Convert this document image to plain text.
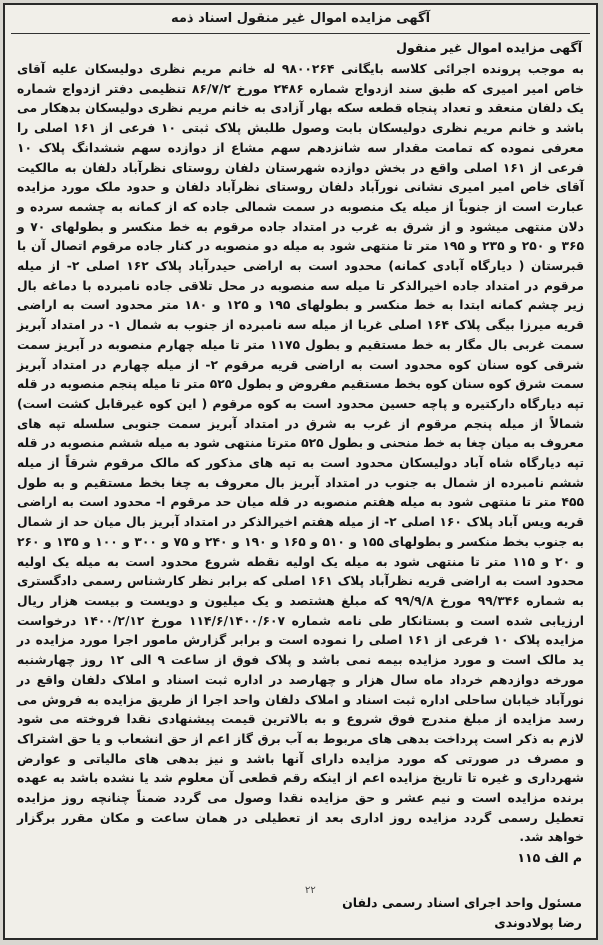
آگهی مزایده اموال غیر منقول اسناد ذمه
آگهی مزایده اموال غیر منقول
به موجب پرونده اجرائی کلاسه بایگانی ۹۸۰۰۲۶۴ له خانم مریم نظری دولیسکان علیه آقای خاص امیر امیری که طبق سند ازدواج شماره ۲۴۸۶ مورخ ۸۶/۷/۲ تنظیمی دفتر ازدواج شماره یک دلفان منعقد و تعداد پنجاه قطعه سکه بهار آزادی به خانم مریم نظری دولیسکان بدهکار می باشد و خانم مریم نظری دولیسکان بابت وصول طلبش پلاک ثبتی ۱۰ فرعی از ۱۶۱ اصلی را معرفی نموده که تمامت مقدار سه شانزدهم سهم مشاع از دوازده سهم ششدانگ پلاک ۱۰ فرعی از ۱۶۱ اصلی واقع در بخش دوازده شهرستان دلفان روستای نظرآباد دلفان به مالکیت آقای خاص امیر امیری نشانی نورآباد دلفان روستای نظرآباد دلفان و حدود ملک مورد مزایده عبارت است از جنوباً از میله یک منصوبه در سمت شمالی جاده که از کمانه به چشمه سرده و دلان منتهی میشود و از شرق به غرب در امتداد جاده مرقوم به خط منکسر و بطولهای ۷۰ و ۳۶۵ و ۲۵۰ و ۲۳۵ و ۱۹۵ متر تا منتهی شود به میله دو منصوبه در کنار جاده مرقوم اتصال آن با قبرستان ( دیارگاه آبادی کمانه) محدود است به اراضی حیدرآباد پلاک ۱۶۲ اصلی ۲- از میله مرقوم در امتداد جاده اخیرالذکر تا میله سه منصوبه در محل تلاقی جاده نامبرده با دماغه بال زیر چشم کمانه ابتدا به خط منکسر و بطولهای ۱۹۵ و ۱۲۵ و ۱۸۰ متر محدود است به اراضی قریه میرزا بیگی پلاک ۱۶۴ اصلی غربا از میله سه نامبرده از جنوب به شمال ۱- در امتداد آبریز سمت غربی بال مگار به خط مستقیم و بطول ۱۱۷۵ متر تا میله چهارم منصوبه در آبریز سمت شرقی کوه سنان کوه محدود است به اراضی قریه مرقوم ۲- از میله چهارم در امتداد آبریز سمت شرق کوه سنان کوه بخط مستقیم مفروض و بطول ۵۲۵ متر تا میله پنجم منصوبه در قله تپه دیارگاه دارکتیره و پاچه حسین محدود است به کوه مرقوم ( این کوه غیرقابل کشت است) شمالاً از میله پنجم مرقوم از غرب به شرق در امتداد آبریز سمت جنوبی سلسله تپه های معروف به میان چغا به خط منحنی و بطول ۵۲۵ مترتا منتهی شود به میله ششم منصوبه در قله تپه دیارگاه شاه آباد دولیسکان محدود است به تپه های مذکور که مالک مرقوم شرقاً از میله ششم نامبرده از شمال به جنوب در امتداد آبریز بال معروف به چغا بخط مستقیم و به طول ۴۵۵ متر تا منتهی شود به میله هفتم منصوبه در قله میان حد مرقوم ا- محدود است به اراضی قریه ویس آباد پلاک ۱۶۰ اصلی ۲- از میله هفتم اخیرالذکر در امتداد آبریز بال میان حد از شمال به جنوب بخط منکسر و بطولهای ۱۵۵ و ۵۱۰ و ۱۶۵ و ۱۹۰ و ۲۴۰ و ۷۵ و ۳۰۰ و ۱۰۰ و ۱۳۵ و ۲۶۰ و ۲۰ و ۱۱۵ متر تا منتهی شود به میله یک اولیه نقطه شروع محدود است به میله یک اولیه محدود است به اراضی قریه نظرآباد پلاک ۱۶۱ اصلی که برابر نظر کارشناس رسمی دادگستری به شماره ۹۹/۳۴۶ مورخ ۹۹/۹/۸ که مبلغ هشتصد و یک میلیون و دویست و بیست هزار ریال ارزیابی شده است و بستانکار طی نامه شماره ۱۱۴/۶/۱۴۰۰/۶۰۷ مورخ ۱۴۰۰/۲/۱۲ درخواست مزایده پلاک ۱۰ فرعی از ۱۶۱ اصلی را نموده است و برابر گزارش مامور اجرا مورد مزایده در ید مالک است و مورد مزایده بیمه نمی باشد و پلاک فوق از ساعت ۹ الی ۱۲ روز چهارشنبه مورخه دوازدهم خرداد ماه سال هزار و چهارصد در اداره ثبت اسناد و املاک دلفان واقع در نورآباد خیابان ساحلی اداره ثبت اسناد و املاک دلفان واحد اجرا از طریق مزایده به فروش می رسد مزایده از مبلغ مندرج فوق شروع و به بالاترین قیمت پیشنهادی نقدا فروخته می شود لازم به ذکر است پرداخت بدهی های مربوط به آب برق گاز اعم از حق انشعاب و یا حق اشتراک و مصرف در صورتی که مورد مزایده دارای آنها باشد و نیز بدهی های مالیاتی و عوارض شهرداری و غیره تا تاریخ مزایده اعم از اینکه رقم قطعی آن معلوم شد یا نشده باشد به عهده برنده مزایده است و نیم عشر و حق مزایده نقدا وصول می گردد ضمناً چنانچه روز مزایده تعطیل رسمی گردد مزایده روز اداری بعد از تعطیلی در همان ساعت و مکان مقرر برگزار خواهد شد.
م الف ۱۱۵
۲۲
مسئول واحد اجرای اسناد رسمی دلفان
رضا پولادوندی
